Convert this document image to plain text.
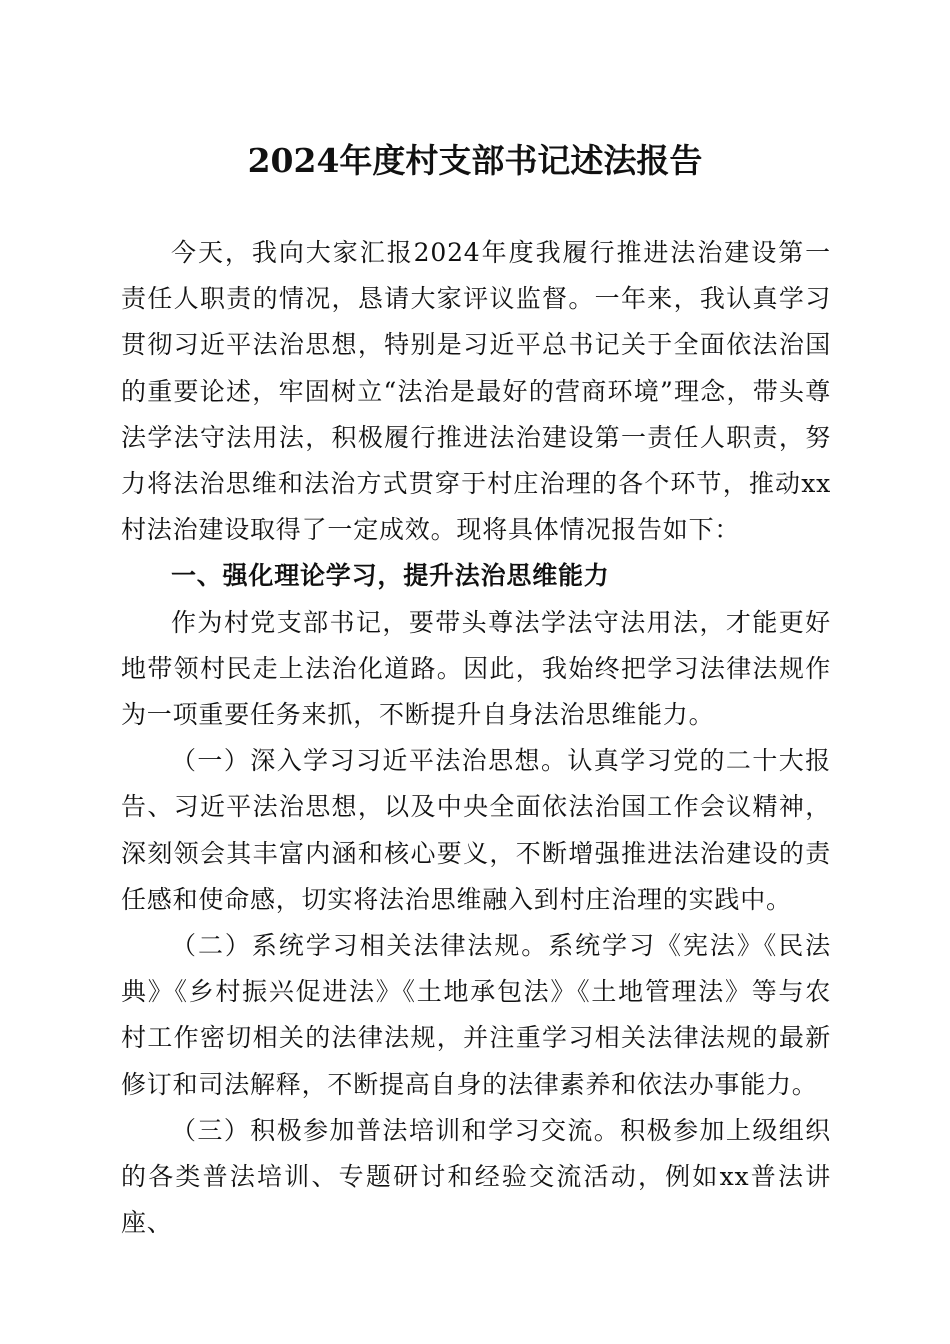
2024年度村支部书记述法报告

今天，我向大家汇报2024年度我履行推进法治建设第一责任人职责的情况，恳请大家评议监督。一年来，我认真学习贯彻习近平法治思想，特别是习近平总书记关于全面依法治国的重要论述，牢固树立“法治是最好的营商环境”理念，带头尊法学法守法用法，积极履行推进法治建设第一责任人职责，努力将法治思维和法治方式贯穿于村庄治理的各个环节，推动xx村法治建设取得了一定成效。现将具体情况报告如下：

一、强化理论学习，提升法治思维能力

作为村党支部书记，要带头尊法学法守法用法，才能更好地带领村民走上法治化道路。因此，我始终把学习法律法规作为一项重要任务来抓，不断提升自身法治思维能力。

（一）深入学习习近平法治思想。认真学习党的二十大报告、习近平法治思想，以及中央全面依法治国工作会议精神，深刻领会其丰富内涵和核心要义，不断增强推进法治建设的责任感和使命感，切实将法治思维融入到村庄治理的实践中。

（二）系统学习相关法律法规。系统学习《宪法》《民法典》《乡村振兴促进法》《土地承包法》《土地管理法》等与农村工作密切相关的法律法规，并注重学习相关法律法规的最新修订和司法解释，不断提高自身的法律素养和依法办事能力。

（三）积极参加普法培训和学习交流。积极参加上级组织的各类普法培训、专题研讨和经验交流活动，例如xx普法讲座、
